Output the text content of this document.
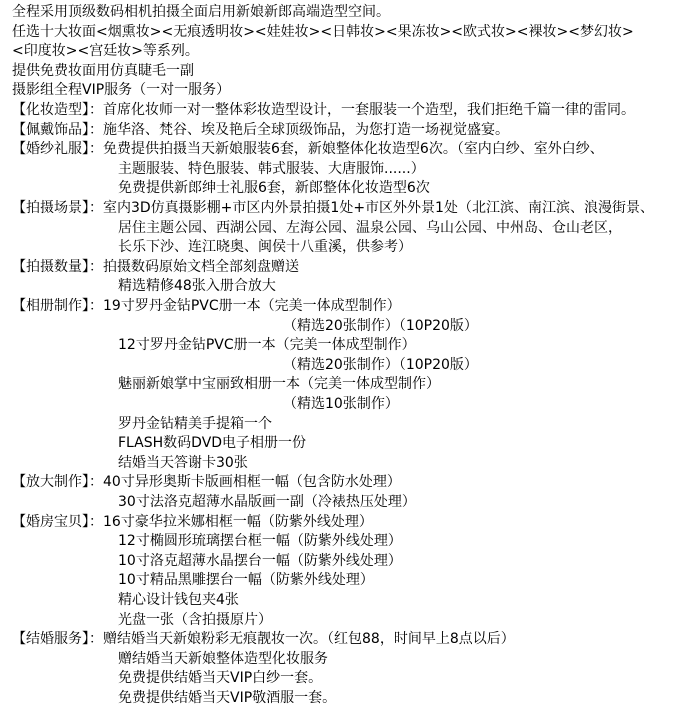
全程采用顶级数码相机拍摄全面启用新娘新郎高端造型空间。
任选十大妆面<烟熏妆><无痕透明妆><娃娃妆><日韩妆><果冻妆><欧式妆><裸妆><梦幻妆>
<印度妆><宫廷妆>等系列。
提供免费妆面用仿真睫毛一副
摄影组全程VIP服务（一对一服务）
【化妆造型】：首席化妆师一对一整体彩妆造型设计，一套服装一个造型，我们拒绝千篇一律的雷同。
【佩戴饰品】：施华洛、梵谷、埃及艳后全球顶级饰品，为您打造一场视觉盛宴。
【婚纱礼服】：免费提供拍摄当天新娘服装6套，新娘整体化妆造型6次。（室内白纱、室外白纱、
主题服装、特色服装、韩式服装、大唐服饰......）
免费提供新郎绅士礼服6套，新郎整体化妆造型6次
【拍摄场景】：室内3D仿真摄影棚+市区内外景拍摄1处+市区外外景1处（北江滨、南江滨、浪漫街景、
居住主题公园、西湖公园、左海公园、温泉公园、乌山公园、中州岛、仓山老区，
长乐下沙、连江晓奥、闽侯十八重溪，供参考）
【拍摄数量】：拍摄数码原始文档全部刻盘赠送
精选精修48张入册合放大
【相册制作】：19寸罗丹金钻PVC册一本（完美一体成型制作）
（精选20张制作）（10P20版）
12寸罗丹金钻PVC册一本（完美一体成型制作）
（精选20张制作）（10P20版）
魅丽新娘掌中宝丽致相册一本（完美一体成型制作）
（精选10张制作）
罗丹金钻精美手提箱一个
FLASH数码DVD电子相册一份
结婚当天答谢卡30张
【放大制作】：40寸异形奥斯卡版画相框一幅（包含防水处理）
30寸法洛克超薄水晶版画一副（冷裱热压处理）
【婚房宝贝】：16寸豪华拉米娜相框一幅（防紫外线处理）
12寸椭圆形琉璃摆台框一幅（防紫外线处理）
10寸洛克超薄水晶摆台一幅（防紫外线处理）
10寸精品黑雕摆台一幅（防紫外线处理）
精心设计钱包夹4张
光盘一张（含拍摄原片）
【结婚服务】：赠结婚当天新娘粉彩无痕靓妆一次。（红包88，时间早上8点以后）
赠结婚当天新娘整体造型化妆服务
免费提供结婚当天VIP白纱一套。
免费提供结婚当天VIP敬酒服一套。
